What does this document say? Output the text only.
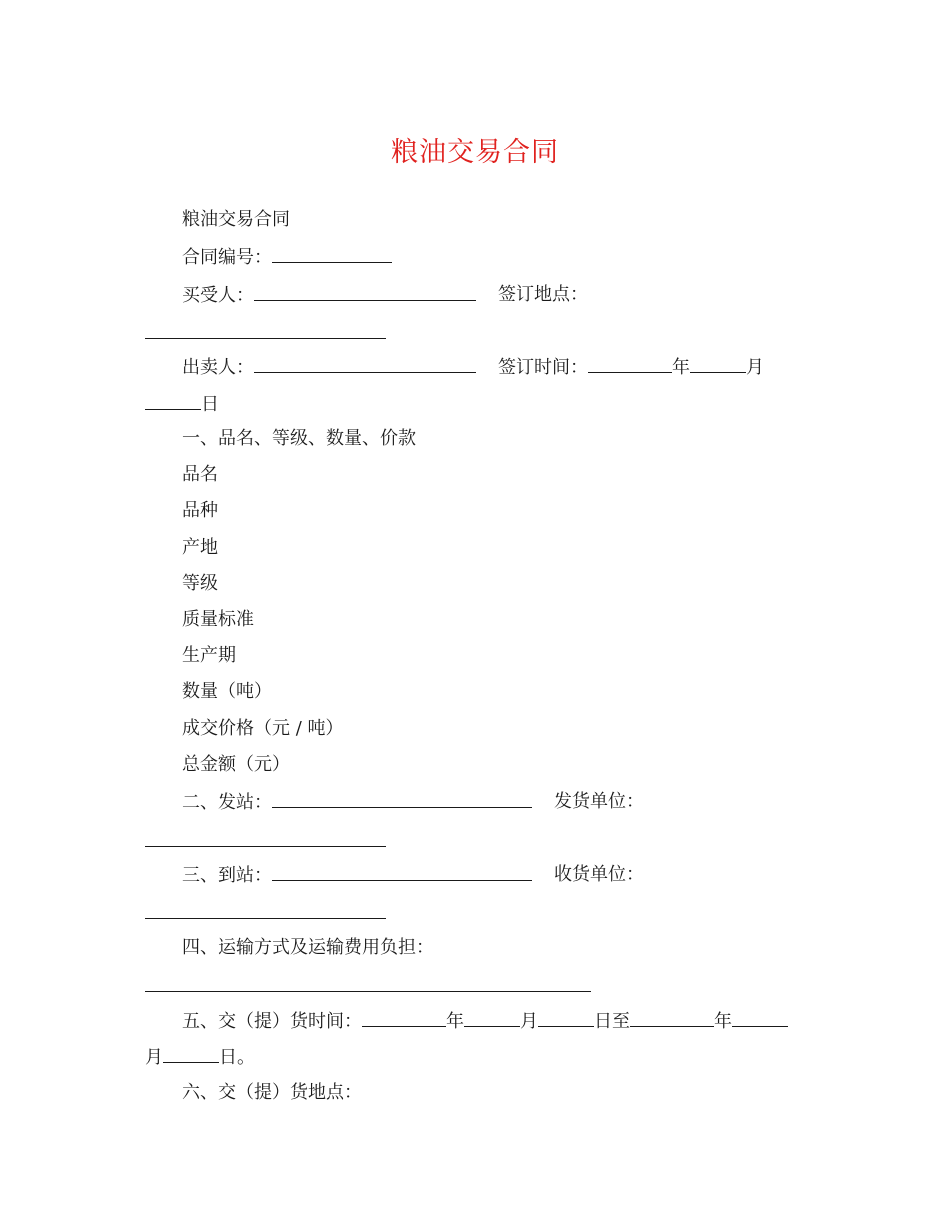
粮油交易合同
粮油交易合同
合同编号：
买受人：	签订地点：
出卖人：	签订时间：	年	月
日
一、品名、等级、数量、价款
品名
品种
产地
等级
质量标准
生产期
数量（吨）
成交价格（元 / 吨）
总金额（元）
二、发站：	发货单位：
三、到站：	收货单位：
四、运输方式及运输费用负担：
五、交（提）货时间：	年	月	日至	年
月	日。
六、交（提）货地点：
